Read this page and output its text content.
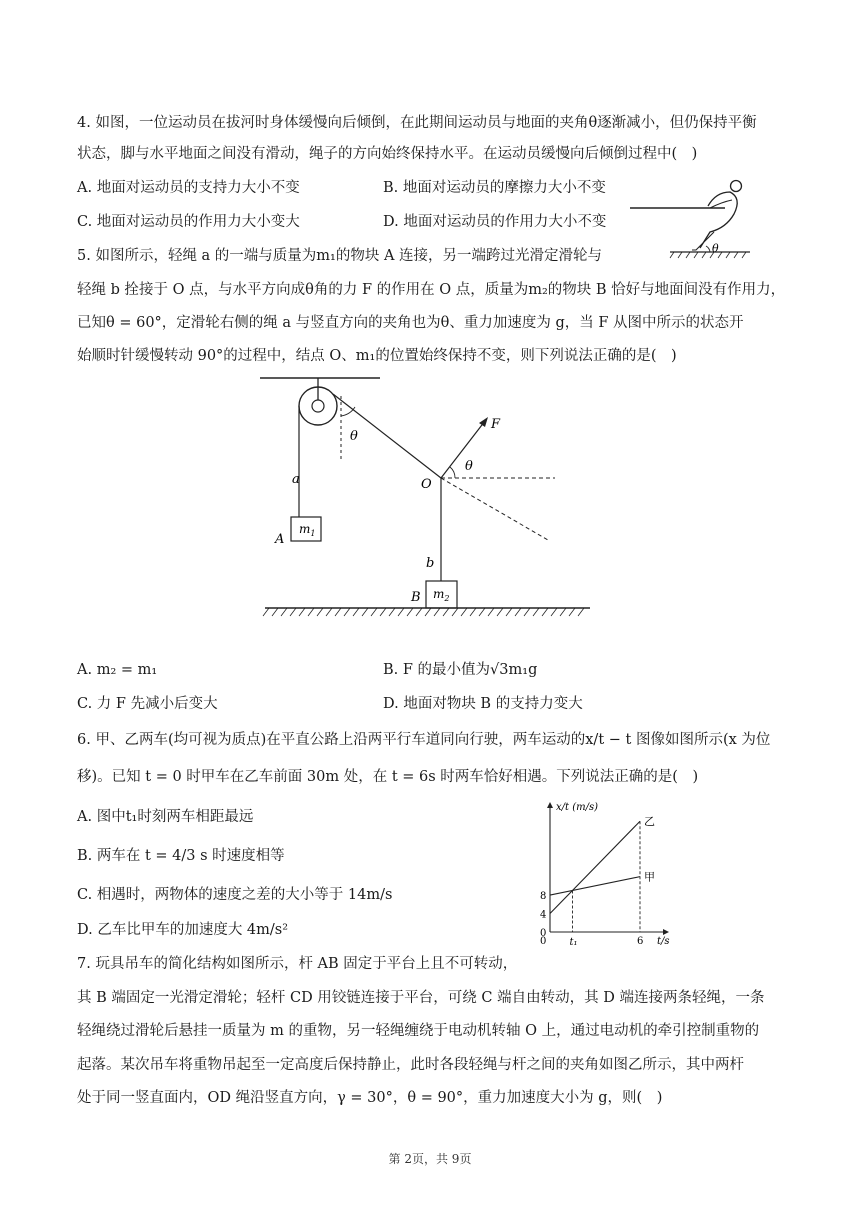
4. 如图，一位运动员在拔河时身体缓慢向后倾倒，在此期间运动员与地面的夹角θ逐渐减小，但仍保持平衡
状态，脚与水平地面之间没有滑动，绳子的方向始终保持水平。在运动员缓慢向后倾倒过程中(　)
A. 地面对运动员的支持力大小不变	B. 地面对运动员的摩擦力大小不变
C. 地面对运动员的作用力大小变大	D. 地面对运动员的作用力大小不变
θ
5. 如图所示，轻绳 a 的一端与质量为m₁的物块 A 连接，另一端跨过光滑定滑轮与
轻绳 b 拴接于 O 点，与水平方向成θ角的力 F 的作用在 O 点，质量为m₂的物块 B 恰好与地面间没有作用力，
已知θ = 60°，定滑轮右侧的绳 a 与竖直方向的夹角也为θ、重力加速度为 g，当 F 从图中所示的状态开
始顺时针缓慢转动 90°的过程中，结点 O、m₁的位置始终保持不变，则下列说法正确的是(　)
a
$m_1$
A
θ
O
F
θ
b
$m_2$
B
A. m₂ = m₁	B. F 的最小值为√3m₁g
C. 力 F 先减小后变大	D. 地面对物块 B 的支持力变大
6. 甲、乙两车(均可视为质点)在平直公路上沿两平行车道同向行驶，两车运动的x/t − t 图像如图所示(x 为位
移)。已知 t = 0 时甲车在乙车前面 30m 处，在 t = 6s 时两车恰好相遇。下列说法正确的是(　)
A. 图中t₁时刻两车相距最远
B. 两车在 t = 4/3 s 时速度相等
C. 相遇时，两物体的速度之差的大小等于 14m/s
D. 乙车比甲车的加速度大 4m/s²
x/t (m/s)
t/s
0
4
8
乙
甲
0 t₁	6
7. 玩具吊车的简化结构如图所示，杆 AB 固定于平台上且不可转动，
其 B 端固定一光滑定滑轮；轻杆 CD 用铰链连接于平台，可绕 C 端自由转动，其 D 端连接两条轻绳，一条
轻绳绕过滑轮后悬挂一质量为 m 的重物，另一轻绳缠绕于电动机转轴 O 上，通过电动机的牵引控制重物的
起落。某次吊车将重物吊起至一定高度后保持静止，此时各段轻绳与杆之间的夹角如图乙所示，其中两杆
处于同一竖直面内，OD 绳沿竖直方向，γ = 30°，θ = 90°，重力加速度大小为 g，则(　)
第 2页，共 9页
